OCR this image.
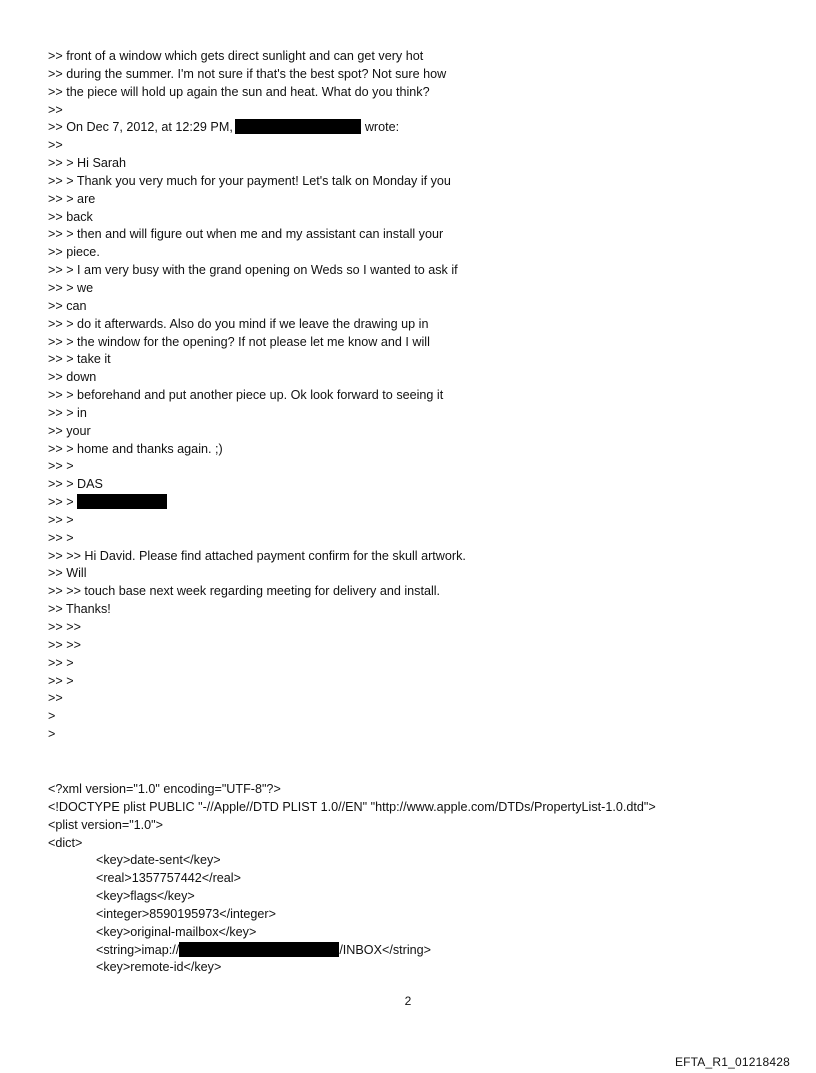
>> front of a window which gets direct sunlight and can get very hot
>> during the summer. I'm not sure if that's the best spot? Not sure how
>> the piece will hold up again the sun and heat. What do you think?
>>
>> On Dec 7, 2012, at 12:29 PM,	wrote:
>>
>> > Hi Sarah
>> > Thank you very much for your payment! Let's talk on Monday if you
>> > are
>> back
>> > then and will figure out when me and my assistant can install your
>> piece.
>> > I am very busy with the grand opening on Weds so I wanted to ask if
>> > we
>> can
>> > do it afterwards. Also do you mind if we leave the drawing up in
>> > the window for the opening? If not please let me know and I will
>> > take it
>> down
>> > beforehand and put another piece up. Ok look forward to seeing it
>> > in
>> your
>> > home and thanks again. ;)
>> >
>> > DAS
>> >
>> >
>> >
>> >> Hi David. Please find attached payment confirm for the skull artwork.
>> Will
>> >> touch base next week regarding meeting for delivery and install.
>> Thanks!
>> >>
>> >>
>> >
>> >
>>
>
>
<?xml version="1.0" encoding="UTF-8"?>
<!DOCTYPE plist PUBLIC "-//Apple//DTD PLIST 1.0//EN" "http://www.apple.com/DTDs/PropertyList-1.0.dtd">
<plist version="1.0">
<dict>
<key>date-sent</key>
<real>1357757442</real>
<key>flags</key>
<integer>8590195973</integer>
<key>original-mailbox</key>
<string>imap://	/INBOX</string>
<key>remote-id</key>
2
EFTA_R1_01218428
